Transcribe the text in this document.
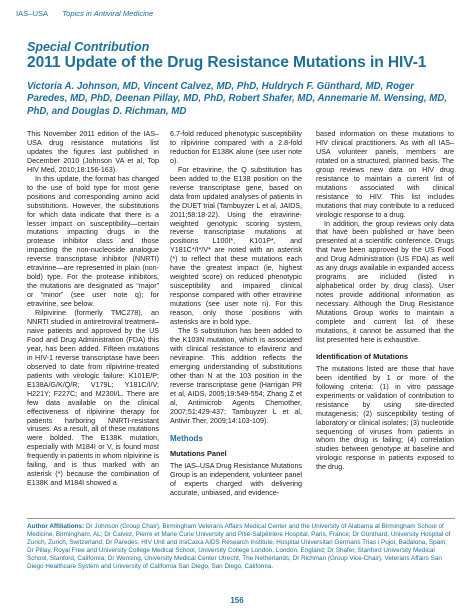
IAS–USA Topics in Antiviral Medicine
Special Contribution
2011 Update of the Drug Resistance Mutations in HIV-1
Victoria A. Johnson, MD, Vincent Calvez, MD, PhD, Huldrych F. Günthard, MD, Roger Paredes, MD, PhD, Deenan Pillay, MD, PhD, Robert Shafer, MD, Annemarie M. Wensing, MD, PhD, and Douglas D. Richman, MD

This November 2011 edition of the IAS–USA drug resistance mutations list updates the figures last published in December 2010 (Johnson VA et al, Top HIV Med, 2010;18:156-163).

In this update, the format has changed to the use of bold type for most gene positions and corresponding amino acid substitutions. However, the substitutions for which data indicate that there is a lesser impact on susceptibility—certain mutations impacting drugs in the protease inhibitor class and those impacting the non-nucleoside analogue reverse transcriptase inhibitor (NNRTI) etravirine—are represented in plain (non-bold) type. For the protease inhibitors, the mutations are designated as “major” or “minor” (see user note q); for etravirine, see below.

Rilpivirine (formerly TMC278), an NNRTI studied in antiretroviral treatment–naive patients and approved by the US Food and Drug Administration (FDA) this year, has been added. Fifteen mutations in HIV-1 reverse transcriptase have been observed to date from rilpivirine-treated patients with virologic failure: K101E/P; E138A/G/K/Q/R; V179L; Y181C/I/V; H221Y; F227C; and M230I/L. There are few data available on the clinical effectiveness of rilpivirine therapy for patients harboring NNRTI-resistant viruses. As a result, all of these mutations were bolded. The E138K mutation, especially with M184I or V, is found most frequently in patients in whom rilpivirine is failing, and is thus marked with an asterisk (*) because the combination of E138K and M184I showed a

6.7-fold reduced phenotypic susceptibility to rilpivirine compared with a 2.8-fold reduction for E138K alone (see user note o).

For etravirine, the Q substitution has been added to the E138 position on the reverse transcriptase gene, based on data from updated analyses of patients in the DUET trial (Tambuyzer L et al, JAIDS, 2011;58:18-22). Using the etravirine-weighted genotypic scoring system, reverse transcriptase mutations at positions L100I*, K101P*, and Y181C*/I*/V* are noted with an asterisk (*) to reflect that these mutations each have the greatest impact (ie, highest weighted score) on reduced phenotypic susceptibility and impaired clinical response compared with other etravirine mutations (see user note n). For this reason, only those positions with asterisks are in bold type.

The S substitution has been added to the K103N mutation, which is associated with clinical resistance to efavirenz and nevirapine. This addition reflects the emerging understanding of substitutions other than N at the 103 position in the reverse transcriptase gene (Harrigan PR et al, AIDS, 2005;19:549-554; Zhang Z et al, Antimicrob Agents Chemother, 2007;51:429-437; Tambuyzer L et al, Antivir Ther, 2009;14:103-109).

Methods
Mutations Panel

The IAS–USA Drug Resistance Mutations Group is an independent, volunteer panel of experts charged with delivering accurate, unbiased, and evidence-

based information on these mutations to HIV clinical practitioners. As with all IAS–USA volunteer panels, members are rotated on a structured, planned basis. The group reviews new data on HIV drug resistance to maintain a current list of mutations associated with clinical resistance to HIV. This list includes mutations that may contribute to a reduced virologic response to a drug.

In addition, the group reviews only data that have been published or have been presented at a scientific conference. Drugs that have been approved by the US Food and Drug Administration (US FDA) as well as any drugs available in expanded access programs are included (listed in alphabetical order by drug class). User notes provide additional information as necessary. Although the Drug Resistance Mutations Group works to maintain a complete and current list of these mutations, it cannot be assumed that the list presented here is exhaustive.

Identification of Mutations

The mutations listed are those that have been identified by 1 or more of the following criteria: (1) in vitro passage experiments or validation of contribution to resistance by using site-directed mutagenesis; (2) susceptibility testing of laboratory or clinical isolates; (3) nucleotide sequencing of viruses from patients in whom the drug is failing; (4) correlation studies between genotype at baseline and virologic response in patients exposed to the drug.

Author Affiliations: Dr Johnson (Group Chair), Birmingham Veterans Affairs Medical Center and the University of Alabama at Birmingham School of Medicine, Birmingham, AL; Dr Calvez, Pierre et Marie Curie University and Pitié-Salpêtrière Hospital, Paris, France; Dr Günthard, University Hospital of Zurich, Zurich, Switzerland; Dr Paredes, HIV Unit and IrsiCaixa AIDS Research Institute, Hospital Universitari Germans Trias i Pujol, Badalona, Spain; Dr Pillay, Royal Free and University College Medical School, University College London, London, England; Dr Shafer, Stanford University Medical School, Stanford, California; Dr Wensing, University Medical Center Utrecht, The Netherlands; Dr Richman (Group Vice-Chair), Veterans Affairs San Diego Healthcare System and University of California San Diego, San Diego, California.
156
